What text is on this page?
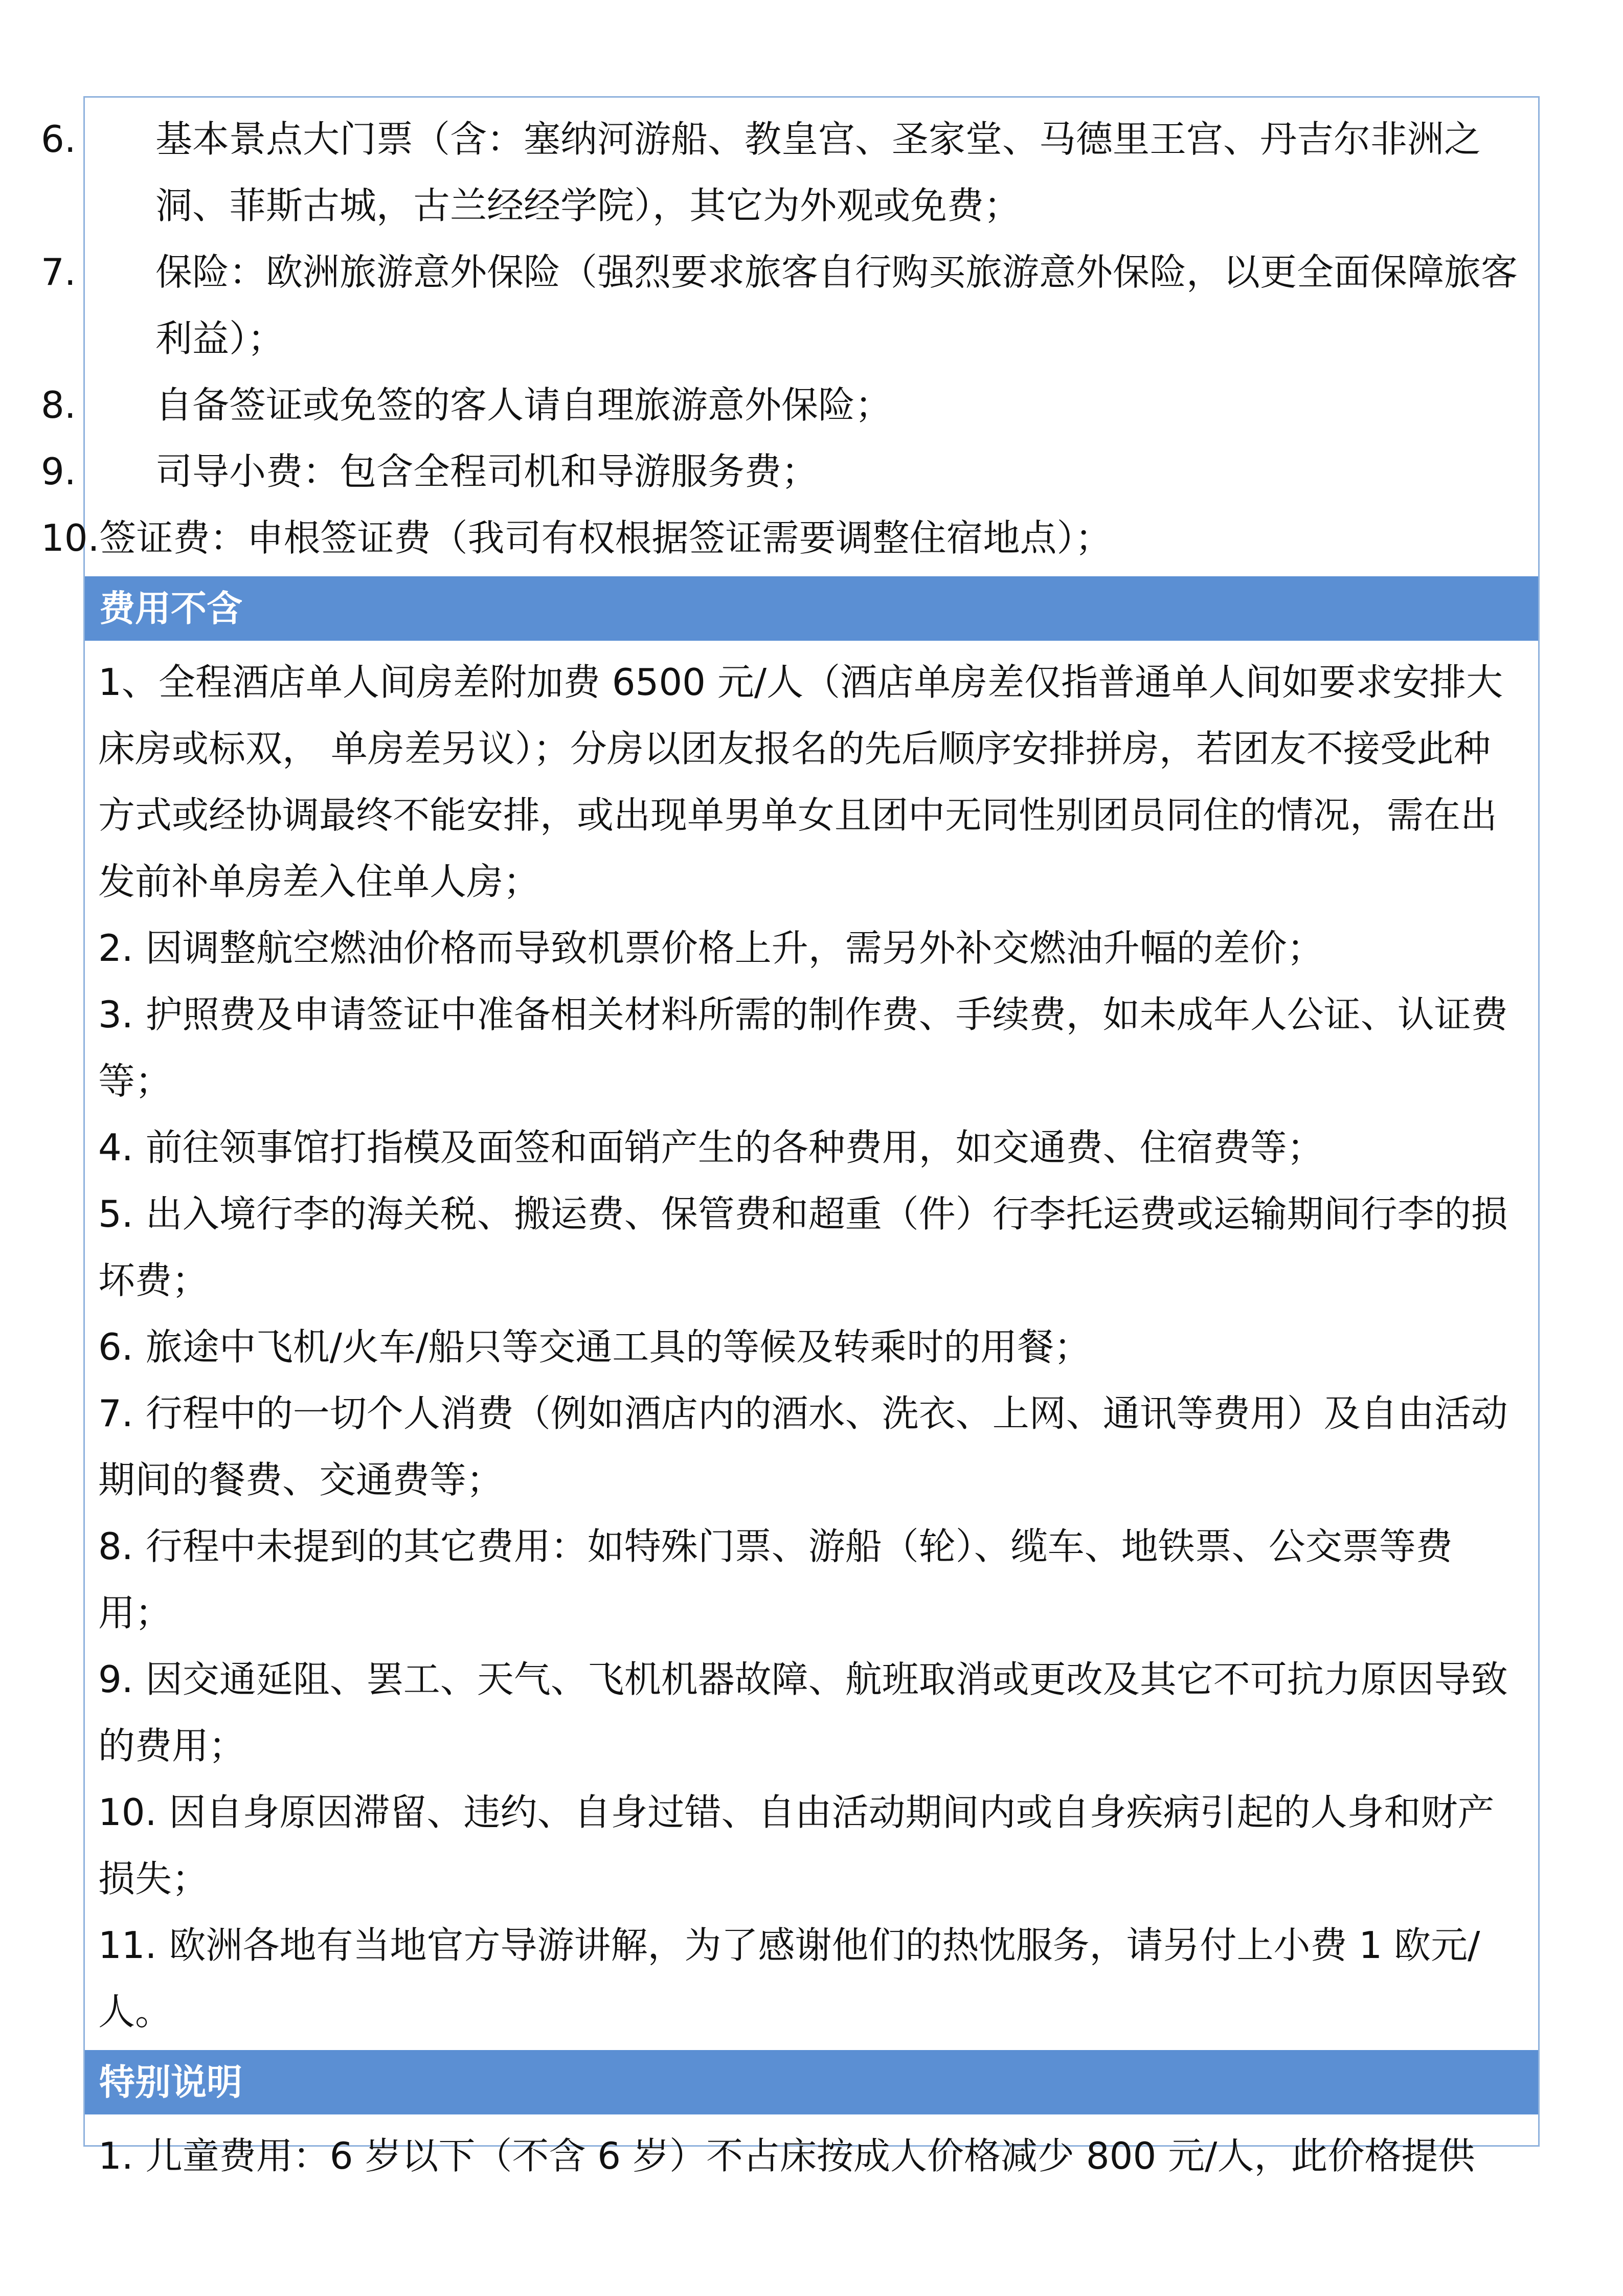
6. 基本景点大门票（含：塞纳河游船、教皇宫、圣家堂、马德里王宫、丹吉尔非洲之洞、菲斯古城，古兰经经学院），其它为外观或免费；
7. 保险：欧洲旅游意外保险（强烈要求旅客自行购买旅游意外保险，以更全面保障旅客利益）；
8. 自备签证或免签的客人请自理旅游意外保险；
9. 司导小费：包含全程司机和导游服务费；
10.签证费：申根签证费（我司有权根据签证需要调整住宿地点）；
费用不含
1、全程酒店单人间房差附加费 6500 元/人（酒店单房差仅指普通单人间如要求安排大床房或标双， 单房差另议）；分房以团友报名的先后顺序安排拼房，若团友不接受此种方式或经协调最终不能安排，或出现单男单女且团中无同性别团员同住的情况，需在出发前补单房差入住单人房；
2. 因调整航空燃油价格而导致机票价格上升，需另外补交燃油升幅的差价；
3. 护照费及申请签证中准备相关材料所需的制作费、手续费，如未成年人公证、认证费等；
4. 前往领事馆打指模及面签和面销产生的各种费用，如交通费、住宿费等；
5. 出入境行李的海关税、搬运费、保管费和超重（件）行李托运费或运输期间行李的损坏费；
6. 旅途中飞机/火车/船只等交通工具的等候及转乘时的用餐；
7. 行程中的一切个人消费（例如酒店内的酒水、洗衣、上网、通讯等费用）及自由活动期间的餐费、交通费等；
8. 行程中未提到的其它费用：如特殊门票、游船（轮）、缆车、地铁票、公交票等费用；
9. 因交通延阻、罢工、天气、飞机机器故障、航班取消或更改及其它不可抗力原因导致的费用；
10. 因自身原因滞留、违约、自身过错、自由活动期间内或自身疾病引起的人身和财产损失；
11. 欧洲各地有当地官方导游讲解，为了感谢他们的热忱服务，请另付上小费 1 欧元/人。
特别说明
1. 儿童费用：6 岁以下（不含 6 岁）不占床按成人价格减少 800 元/人，此价格提供
